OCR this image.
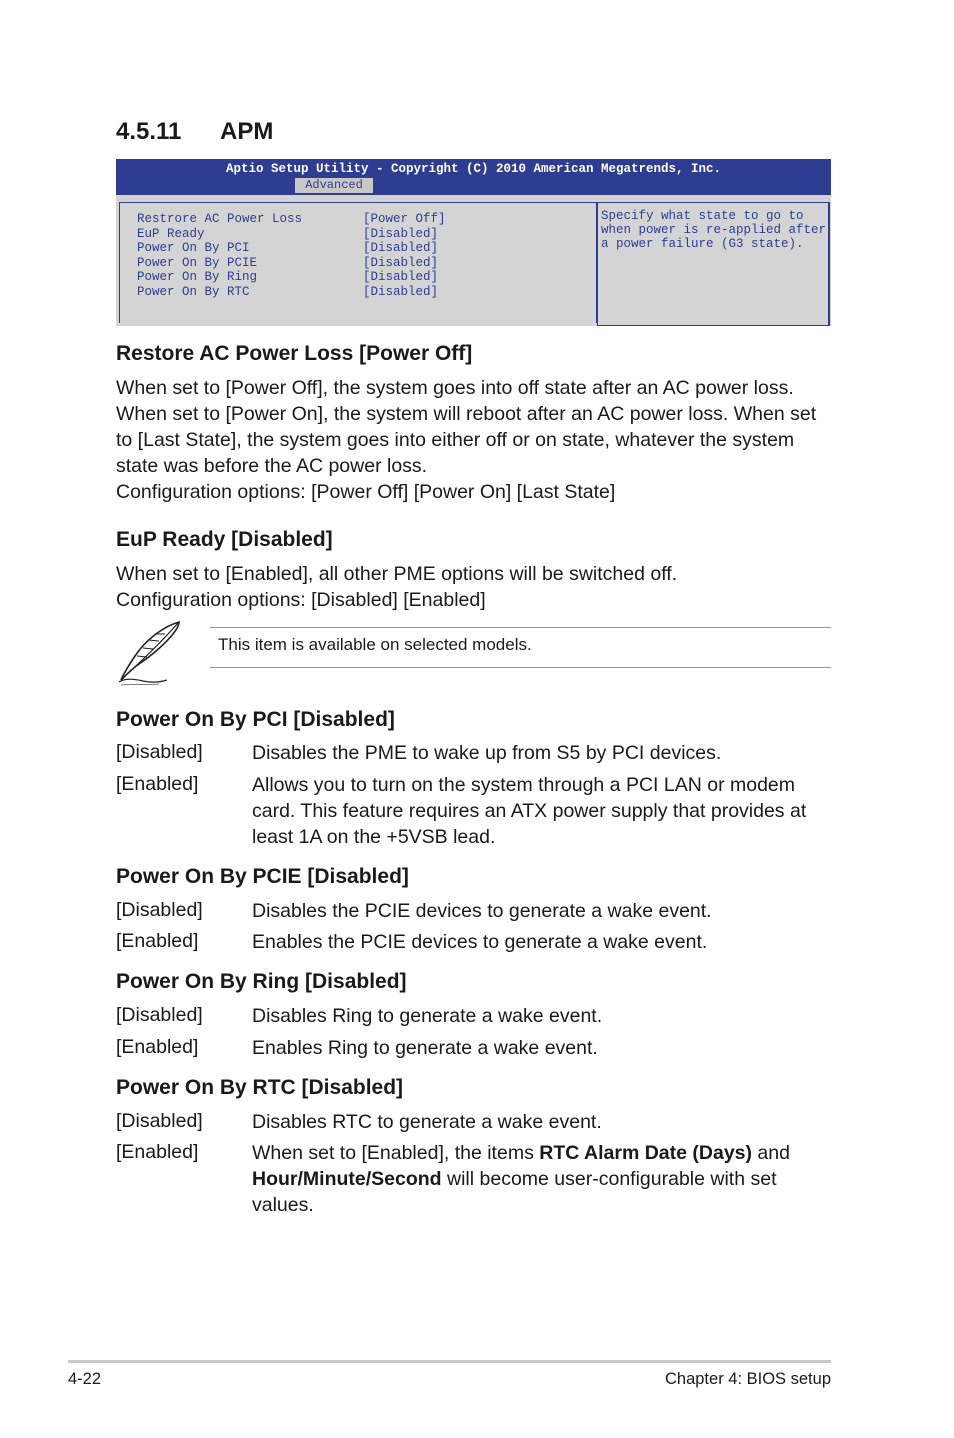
4.5.11 APM
Aptio Setup Utility - Copyright (C) 2010 American Megatrends, Inc.
Advanced
Restrore AC Power Loss	[Power Off]
EuP Ready	[Disabled]
Power On By PCI	[Disabled]
Power On By PCIE	[Disabled]
Power On By Ring	[Disabled]
Power On By RTC	[Disabled]
Specify what state to go to
when power is re-applied after
a power failure (G3 state).
Restore AC Power Loss [Power Off]
When set to [Power Off], the system goes into off state after an AC power loss.
When set to [Power On], the system will reboot after an AC power loss. When set
to [Last State], the system goes into either off or on state, whatever the system
state was before the AC power loss.
Configuration options: [Power Off] [Power On] [Last State]
EuP Ready [Disabled]
When set to [Enabled], all other PME options will be switched off.
Configuration options: [Disabled] [Enabled]
This item is available on selected models.
Power On By PCI [Disabled]
[Disabled]	Disables the PME to wake up from S5 by PCI devices.
[Enabled]	Allows you to turn on the system through a PCI LAN or modem
card. This feature requires an ATX power supply that provides at
least 1A on the +5VSB lead.
Power On By PCIE [Disabled]
[Disabled]	Disables the PCIE devices to generate a wake event.
[Enabled]	Enables the PCIE devices to generate a wake event.
Power On By Ring [Disabled]
[Disabled]	Disables Ring to generate a wake event.
[Enabled]	Enables Ring to generate a wake event.
Power On By RTC [Disabled]
[Disabled]	Disables RTC to generate a wake event.
[Enabled]	When set to [Enabled], the items RTC Alarm Date (Days) and
Hour/Minute/Second will become user-configurable with set
values.
4-22	Chapter 4: BIOS setup
